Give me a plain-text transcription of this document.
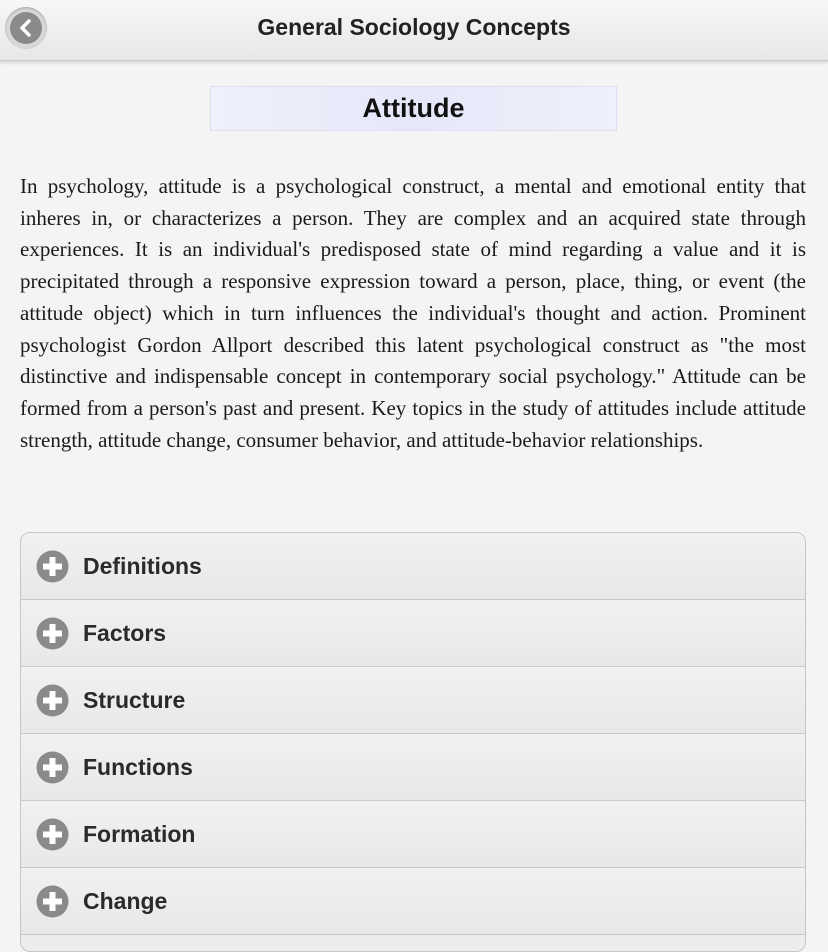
General Sociology Concepts
Attitude
In psychology, attitude is a psychological construct, a mental and emotional entity that inheres in, or characterizes a person. They are complex and an acquired state through experiences. It is an individual's predisposed state of mind regarding a value and it is precipitated through a responsive expression toward a person, place, thing, or event (the attitude object) which in turn influences the individual's thought and action. Prominent psychologist Gordon Allport described this latent psychological construct as "the most distinctive and indispensable concept in contemporary social psychology." Attitude can be formed from a person's past and present. Key topics in the study of attitudes include attitude strength, attitude change, consumer behavior, and attitude-behavior relationships.
Definitions
Factors
Structure
Functions
Formation
Change
